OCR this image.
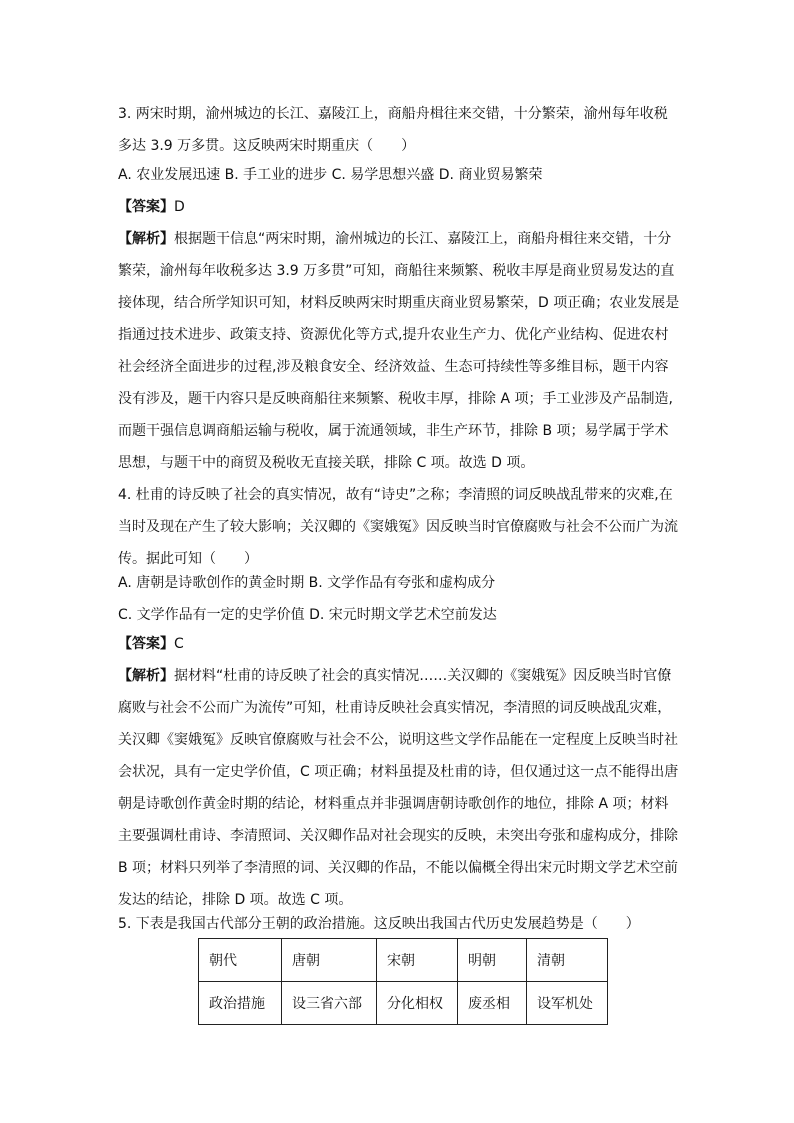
3. 两宋时期，渝州城边的长江、嘉陵江上，商船舟楫往来交错，十分繁荣，渝州每年收税
多达 3.9 万多贯。这反映两宋时期重庆（　　）
A. 农业发展迅速 B. 手工业的进步 C. 易学思想兴盛 D. 商业贸易繁荣
【答案】D
【解析】根据题干信息“两宋时期，渝州城边的长江、嘉陵江上，商船舟楫往来交错，十分
繁荣，渝州每年收税多达 3.9 万多贯”可知，商船往来频繁、税收丰厚是商业贸易发达的直
接体现，结合所学知识可知，材料反映两宋时期重庆商业贸易繁荣，D 项正确；农业发展是
指通过技术进步、政策支持、资源优化等方式,提升农业生产力、优化产业结构、促进农村
社会经济全面进步的过程,涉及粮食安全、经济效益、生态可持续性等多维目标，题干内容
没有涉及，题干内容只是反映商船往来频繁、税收丰厚，排除 A 项；手工业涉及产品制造,
而题干强信息调商船运输与税收，属于流通领域，非生产环节，排除 B 项；易学属于学术
思想，与题干中的商贸及税收无直接关联，排除 C 项。故选 D 项。
4. 杜甫的诗反映了社会的真实情况，故有“诗史”之称；李清照的词反映战乱带来的灾难,在
当时及现在产生了较大影响；关汉卿的《窦娥冤》因反映当时官僚腐败与社会不公而广为流
传。据此可知（　　）
A. 唐朝是诗歌创作的黄金时期 B. 文学作品有夸张和虚构成分
C. 文学作品有一定的史学价值 D. 宋元时期文学艺术空前发达
【答案】C
【解析】据材料“杜甫的诗反映了社会的真实情况……关汉卿的《窦娥冤》因反映当时官僚
腐败与社会不公而广为流传”可知，杜甫诗反映社会真实情况，李清照的词反映战乱灾难，
关汉卿《窦娥冤》反映官僚腐败与社会不公，说明这些文学作品能在一定程度上反映当时社
会状况，具有一定史学价值，C 项正确；材料虽提及杜甫的诗，但仅通过这一点不能得出唐
朝是诗歌创作黄金时期的结论，材料重点并非强调唐朝诗歌创作的地位，排除 A 项；材料
主要强调杜甫诗、李清照词、关汉卿作品对社会现实的反映，未突出夸张和虚构成分，排除
B 项；材料只列举了李清照的词、关汉卿的作品，不能以偏概全得出宋元时期文学艺术空前
发达的结论，排除 D 项。故选 C 项。
5. 下表是我国古代部分王朝的政治措施。这反映出我国古代历史发展趋势是（　　）
朝代	唐朝	宋朝	明朝	清朝
政治措施	设三省六部	分化相权	废丞相	设军机处
